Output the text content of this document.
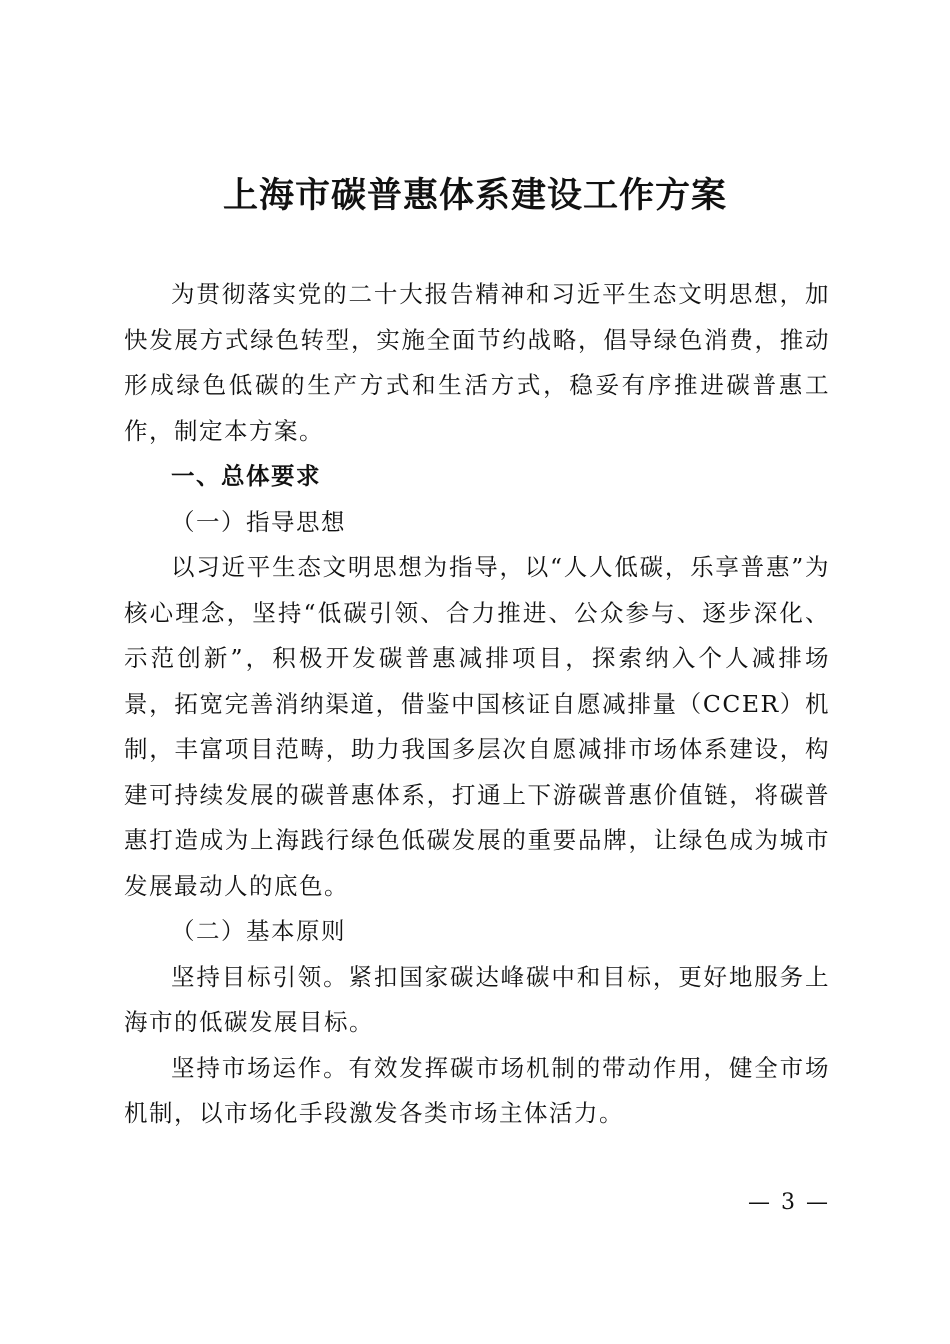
上海市碳普惠体系建设工作方案

为贯彻落实党的二十大报告精神和习近平生态文明思想，加快发展方式绿色转型，实施全面节约战略，倡导绿色消费，推动形成绿色低碳的生产方式和生活方式，稳妥有序推进碳普惠工作，制定本方案。

一、总体要求

（一）指导思想

以习近平生态文明思想为指导，以“人人低碳，乐享普惠”为核心理念，坚持“低碳引领、合力推进、公众参与、逐步深化、示范创新”，积极开发碳普惠减排项目，探索纳入个人减排场景，拓宽完善消纳渠道，借鉴中国核证自愿减排量（CCER）机制，丰富项目范畴，助力我国多层次自愿减排市场体系建设，构建可持续发展的碳普惠体系，打通上下游碳普惠价值链，将碳普惠打造成为上海践行绿色低碳发展的重要品牌，让绿色成为城市发展最动人的底色。

（二）基本原则

坚持目标引领。紧扣国家碳达峰碳中和目标，更好地服务上海市的低碳发展目标。

坚持市场运作。有效发挥碳市场机制的带动作用，健全市场机制，以市场化手段激发各类市场主体活力。

— 3 —
